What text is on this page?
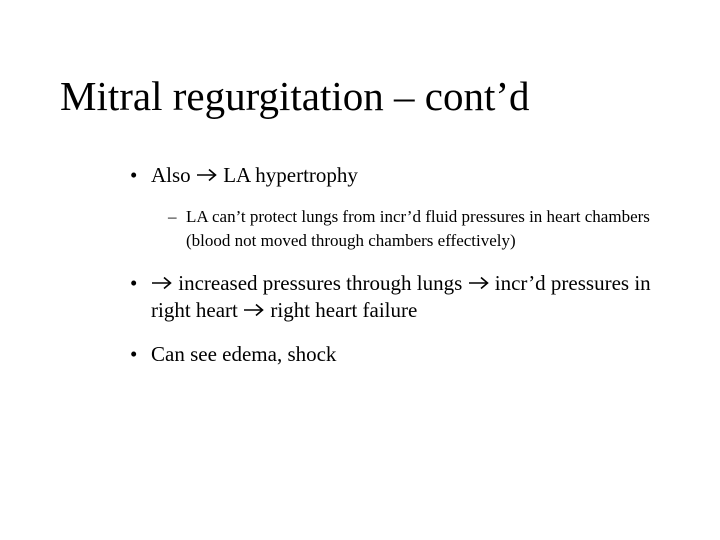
Mitral regurgitation – cont’d
• Also LA hypertrophy
– LA can’t protect lungs from incr’d fluid pressures in heart chambers (blood not moved through chambers effectively)
•	increased pressures through lungs incr’d pressures in right heart right heart failure
• Can see edema, shock
